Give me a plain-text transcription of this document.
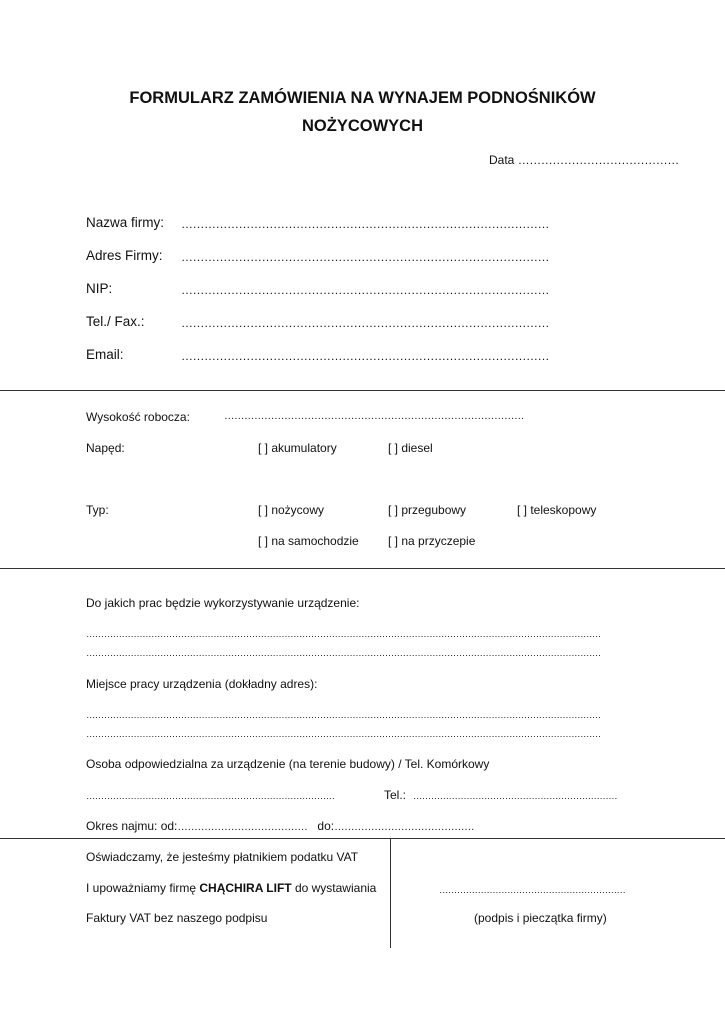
FORMULARZ ZAMÓWIENIA NA WYNAJEM PODNOŚNIKÓW
NOŻYCOWYCH
Data ……………………………………
Nazwa firmy: ……………………………………………………………………………………
Adres Firmy: ……………………………………………………………………………………
NIP:	……………………………………………………………………………………
Tel./ Fax.:	……………………………………………………………………………………
Email:	……………………………………………………………………………………
Wysokość robocza:	………………………………………………………………………………
Napęd:	[ ] akumulatory	[ ] diesel
Typ:	[ ] nożycowy	[ ] przegubowy	[ ] teleskopowy
[ ] na samochodzie [ ] na przyczepie
Do jakich prac będzie wykorzystywanie urządzenie:
…………………………………………………………………………………………………………………………………………………………
…………………………………………………………………………………………………………………………………………………………
Miejsce pracy urządzenia (dokładny adres):
…………………………………………………………………………………………………………………………………………………………
…………………………………………………………………………………………………………………………………………………………
Osoba odpowiedzialna za urządzenie (na terenie budowy) / Tel. Komórkowy
…………………………………………………………………………	Tel.: ……………………………………………………………
Okres najmu: od:………………………………… do:……………………………………
Oświadczamy, że jesteśmy płatnikiem podatku VAT
I upoważniamy firmę CHĄCHIRA LIFT do wystawiania
Faktury VAT bez naszego podpisu
………………………………………………………
(podpis i pieczątka firmy)
